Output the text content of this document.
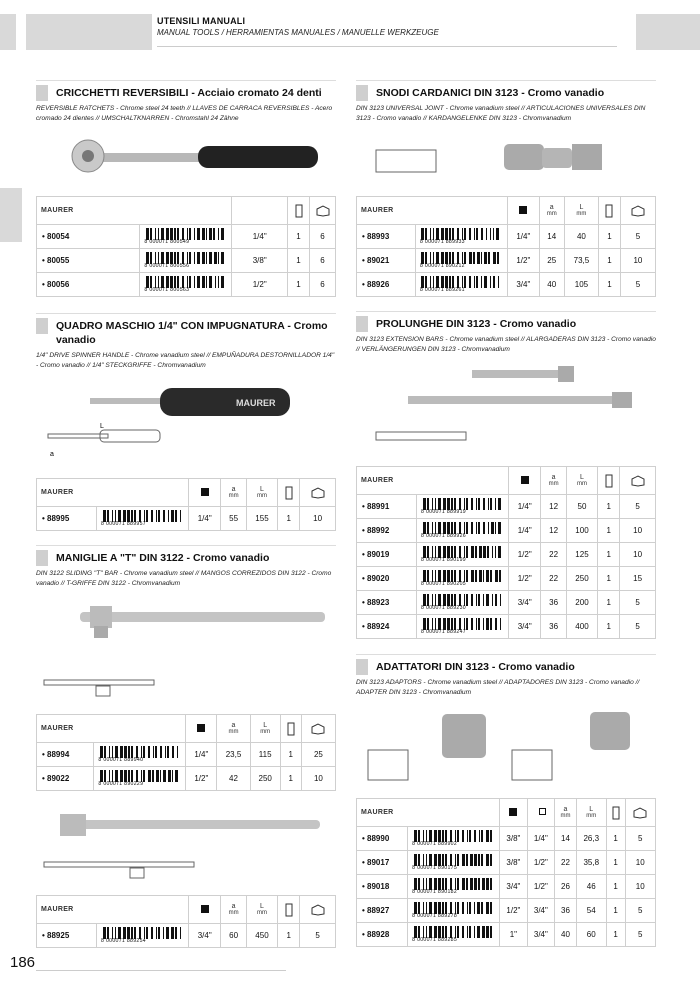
UTENSILI MANUALI
MANUAL TOOLS / HERRAMIENTAS MANUALES / MANUELLE WERKZEUGE
CRICCHETTI REVERSIBILI - Acciaio cromato 24 denti
REVERSIBLE RATCHETS - Chrome steel 24 teeth // LLAVES DE CARRACA REVERSIBLES - Acero cromado 24 dientes // UMSCHALTKNARREN - Chromstahl 24 Zähne
MAURER		

• 80054	8 000071 800549	1/4"	1	6
• 80055	8 000071 800556	3/8"	1	6
• 80056	8 000071 800563	1/2"	1	6
QUADRO MASCHIO 1/4" CON IMPUGNATURA - Cromo vanadio
1/4" DRIVE SPINNER HANDLE - Chrome vanadium steel // EMPUÑADURA DESTORNILLADOR 1/4" - Cromo vanadio // 1/4" STECKGRIFFE - Chromvanadium
MAURER
a
L
MAURER			a
mm	L
mm

• 88995	8 000071 889957	1/4"	55	155	1	10
MANIGLIE A "T" DIN 3122 - Cromo vanadio
DIN 3122 SLIDING "T" BAR - Chrome vanadium steel // MANGOS CORREZIDOS DIN 3122 - Cromo vanadio // T-GRIFFE DIN 3122 - Chromvanadium
MAURER			a
mm	L
mm

• 88994	8 000071 889940	1/4"	23,5	115	1	25
• 89022	8 000071 890229	1/2"	42	250	1	10
MAURER			a
mm	L
mm

• 88925	8 000071 889254	3/4"	60	450	1	5
SNODI CARDANICI DIN 3123 - Cromo vanadio
DIN 3123 UNIVERSAL JOINT - Chrome vanadium steel // ARTICULACIONES UNIVERSALES DIN 3123 - Cromo vanadio // KARDANGELENKE DIN 3123 - Chromvanadium
MAURER			a
mm	L
mm

• 88993	8 000071 889933	1/4"	14	40	1	5
• 89021	8 000071 890212	1/2"	25	73,5	1	10
• 88926	8 000071 889261	3/4"	40	105	1	5
PROLUNGHE DIN 3123 - Cromo vanadio
DIN 3123 EXTENSION BARS - Chrome vanadium steel // ALARGADERAS DIN 3123 - Cromo vanadio // VERLÄNGERUNGEN DIN 3123 - Chromvanadium
MAURER			a
mm	L
mm

• 88991	8 000071 889919	1/4"	12	50	1	5
• 88992	8 000071 889926	1/4"	12	100	1	10
• 89019	8 000071 890199	1/2"	22	125	1	10
• 89020	8 000071 890205	1/2"	22	250	1	15
• 88923	8 000071 889230	3/4"	36	200	1	5
• 88924	8 000071 889247	3/4"	36	400	1	5
ADATTATORI DIN 3123 - Cromo vanadio
DIN 3123 ADAPTORS - Chrome vanadium steel // ADAPTADORES DIN 3123 - Cromo vanadio // ADAPTER DIN 3123 - Chromvanadium
MAURER				a
mm	L
mm

• 88990	8 000071 889902	3/8"	1/4"	14	26,3	1	5
• 89017	8 000071 890175	3/8"	1/2"	22	35,8	1	10
• 89018	8 000071 890182	3/4"	1/2"	26	46	1	10
• 88927	8 000071 889278	1/2"	3/4"	36	54	1	5
• 88928	8 000071 889285	1"	3/4"	40	60	1	5
186
